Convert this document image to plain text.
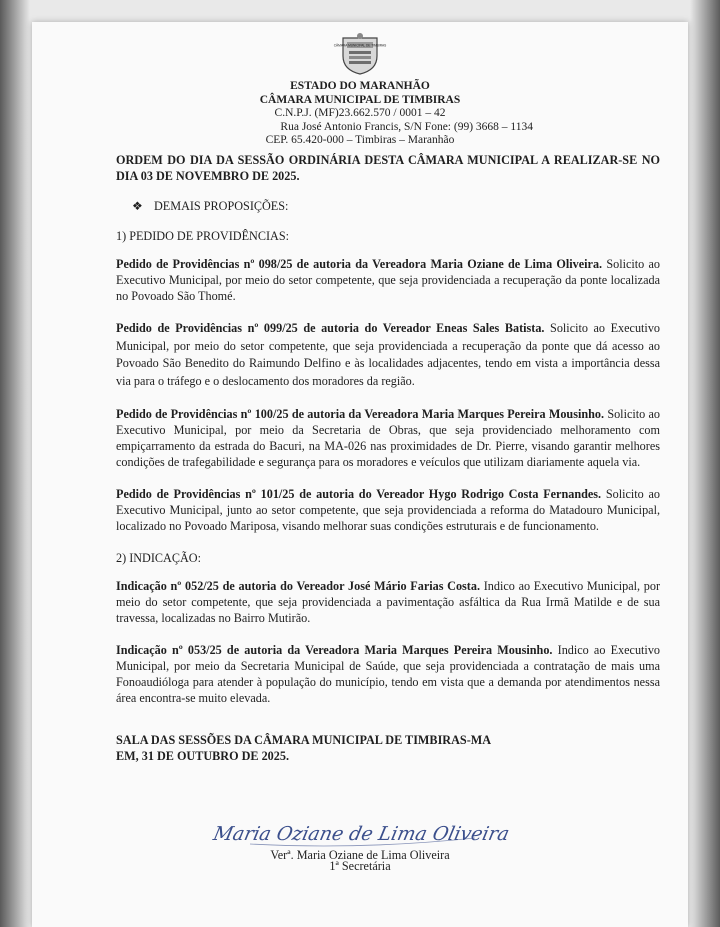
CÂMARA MUNICIPAL DE TIMBIRAS
ESTADO DO MARANHÃO
CÂMARA MUNICIPAL DE TIMBIRAS
C.N.P.J. (MF)23.662.570 / 0001 – 42
Rua José Antonio Francis, S/N Fone: (99) 3668 – 1134
CEP. 65.420-000 – Timbiras – Maranhão

ORDEM DO DIA DA SESSÃO ORDINÁRIA DESTA CÂMARA MUNICIPAL A REALIZAR-SE NO DIA 03 DE NOVEMBRO DE 2025.

❖ DEMAIS PROPOSIÇÕES:

1) PEDIDO DE PROVIDÊNCIAS:

Pedido de Providências nº 098/25 de autoria da Vereadora Maria Oziane de Lima Oliveira. Solicito ao Executivo Municipal, por meio do setor competente, que seja providenciada a recuperação da ponte localizada no Povoado São Thomé.

Pedido de Providências nº 099/25 de autoria do Vereador Eneas Sales Batista. Solicito ao Executivo Municipal, por meio do setor competente, que seja providenciada a recuperação da ponte que dá acesso ao Povoado São Benedito do Raimundo Delfino e às localidades adjacentes, tendo em vista a importância dessa via para o tráfego e o deslocamento dos moradores da região.

Pedido de Providências nº 100/25 de autoria da Vereadora Maria Marques Pereira Mousinho. Solicito ao Executivo Municipal, por meio da Secretaria de Obras, que seja providenciado melhoramento com empiçarramento da estrada do Bacuri, na MA-026 nas proximidades de Dr. Pierre, visando garantir melhores condições de trafegabilidade e segurança para os moradores e veículos que utilizam diariamente aquela via.

Pedido de Providências nº 101/25 de autoria do Vereador Hygo Rodrigo Costa Fernandes. Solicito ao Executivo Municipal, junto ao setor competente, que seja providenciada a reforma do Matadouro Municipal, localizado no Povoado Mariposa, visando melhorar suas condições estruturais e de funcionamento.

2) INDICAÇÃO:

Indicação nº 052/25 de autoria do Vereador José Mário Farias Costa. Indico ao Executivo Municipal, por meio do setor competente, que seja providenciada a pavimentação asfáltica da Rua Irmã Matilde e de sua travessa, localizadas no Bairro Mutirão.

Indicação nº 053/25 de autoria da Vereadora Maria Marques Pereira Mousinho. Indico ao Executivo Municipal, por meio da Secretaria Municipal de Saúde, que seja providenciada a contratação de mais uma Fonoaudióloga para atender à população do município, tendo em vista que a demanda por atendimentos nessa área encontra-se muito elevada.

SALA DAS SESSÕES DA CÂMARA MUNICIPAL DE TIMBIRAS-MA
EM, 31 DE OUTUBRO DE 2025.

Maria Oziane de Lima Oliveira
Verª. Maria Oziane de Lima Oliveira
1ª Secretária
